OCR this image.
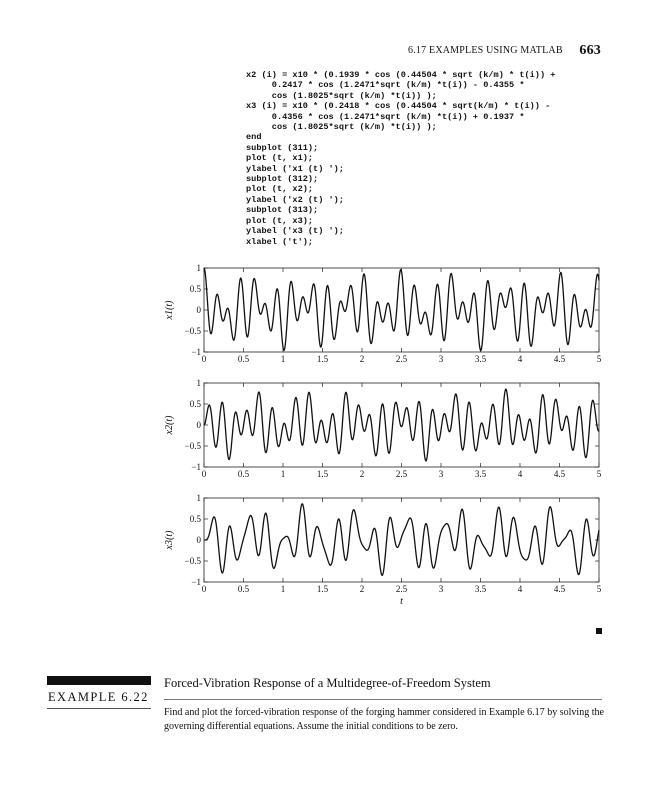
6.17 EXAMPLES USING MATLAB 663
x2 (i) = x10 * (0.1939 * cos (0.44504 * sqrt (k/m) * t(i)) +
0.2417 * cos (1.2471*sqrt (k/m) *t(i)) - 0.4355 *
cos (1.8025*sqrt (k/m) *t(i)) );
x3 (i) = x10 * (0.2418 * cos (0.44504 * sqrt(k/m) * t(i)) -
0.4356 * cos (1.2471*sqrt (k/m) *t(i)) + 0.1937 *
cos (1.8025*sqrt (k/m) *t(i)) );
end
subplot (311);
plot (t, x1);
ylabel ('x1 (t) ');
subplot (312);
plot (t, x2);
ylabel ('x2 (t) ');
subplot (313);
plot (t, x3);
ylabel ('x3 (t) ');
xlabel ('t');

0	0.5	1	1.5	2	2.5	3	3.5	4	4.5	5
1
0.5
0
−0.5
−1
x1(t)
0	0.5	1	1.5	2	2.5	3	3.5	4	4.5	5
1
0.5
0
−0.5
−1
x2(t)
0	0.5	1	1.5	2	2.5	3	3.5	4	4.5	5
1
0.5
0
−0.5
−1
x3(t)
t
EXAMPLE 6.22
Forced-Vibration Response of a Multidegree-of-Freedom System
Find and plot the forced-vibration response of the forging hammer considered in Example 6.17 by solving the governing differential equations. Assume the initial conditions to be zero.
